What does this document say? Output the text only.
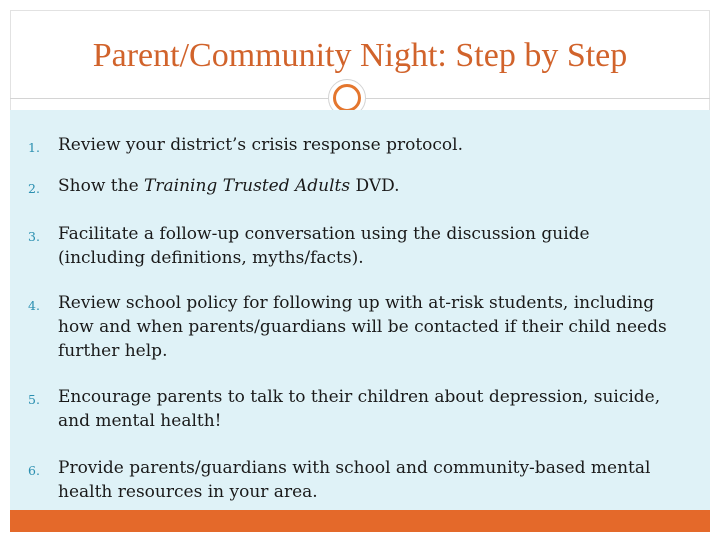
Parent/Community Night: Step by Step
1.	Review your district’s crisis response protocol.
2.	Show the Training Trusted Adults DVD.
3.	Facilitate a follow-up conversation using the discussion guide (including definitions, myths/facts).
4.	Review school policy for following up with at-risk students, including how and when parents/guardians will be contacted if their child needs further help.
5.	Encourage parents to talk to their children about depression, suicide, and mental health!
6.	Provide parents/guardians with school and community-based mental health resources in your area.
